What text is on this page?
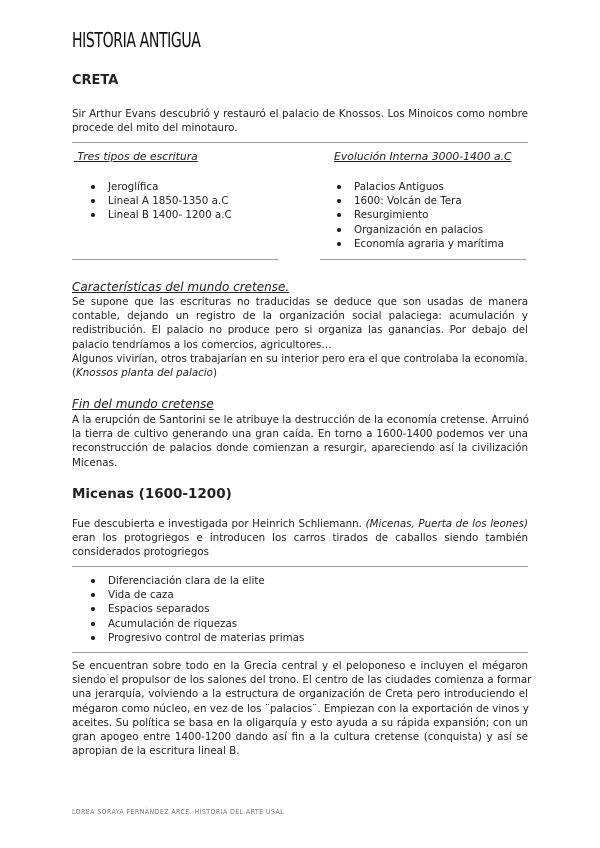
HISTORIA ANTIGUA
CRETA
Sir Arthur Evans descubrió y restauró el palacio de Knossos. Los Minoicos como nombre
procede del mito del minotauro.
Tres tipos de escritura	Evolución Interna 3000-1400 a.C
Jeroglífica
Lineal A 1850-1350 a.C
Lineal B 1400- 1200 a.C
Palacios Antiguos
1600: Volcán de Tera
Resurgimiento
Organización en palacios
Economía agraria y marítima
Características del mundo cretense.
Se supone que las escrituras no traducidas se deduce que son usadas de manera
contable, dejando un registro de la organización social palaciega: acumulación y
redistribución. El palacio no produce pero si organiza las ganancias. Por debajo del
palacio tendríamos a los comercios, agricultores…
Algunos vivirían, otros trabajarían en su interior pero era el que controlaba la economía.
(Knossos planta del palacio)
Fin del mundo cretense
A la erupción de Santorini se le atribuye la destrucción de la economía cretense. Arruinó
la tierra de cultivo generando una gran caída. En torno a 1600-1400 podemos ver una
reconstrucción de palacios donde comienzan a resurgir, apareciendo así la civilización
Micenas.
Micenas (1600-1200)
Fue descubierta e investigada por Heinrich Schliemann. (Micenas, Puerta de los leones)
eran los protogriegos e introducen los carros tirados de caballos siendo también
considerados protogriegos
Diferenciación clara de la elite
Vida de caza
Espacios separados
Acumulación de riquezas
Progresivo control de materias primas
Se encuentran sobre todo en la Grecia central y el peloponeso e incluyen el mégaron
siendo el propulsor de los salones del trono. El centro de las ciudades comienza a formar
una jerarquía, volviendo a la estructura de organización de Creta pero introduciendo el
mégaron como núcleo, en vez de los ¨palacios¨. Empiezan con la exportación de vinos y
aceites. Su política se basa en la oligarquía y esto ayuda a su rápida expansión; con un
gran apogeo entre 1400-1200 dando así fin a la cultura cretense (conquista) y así se
apropian de la escritura lineal B.
LOREA SORAYA FERNÁNDEZ ARCE. HISTORIA DEL ARTE USAL
